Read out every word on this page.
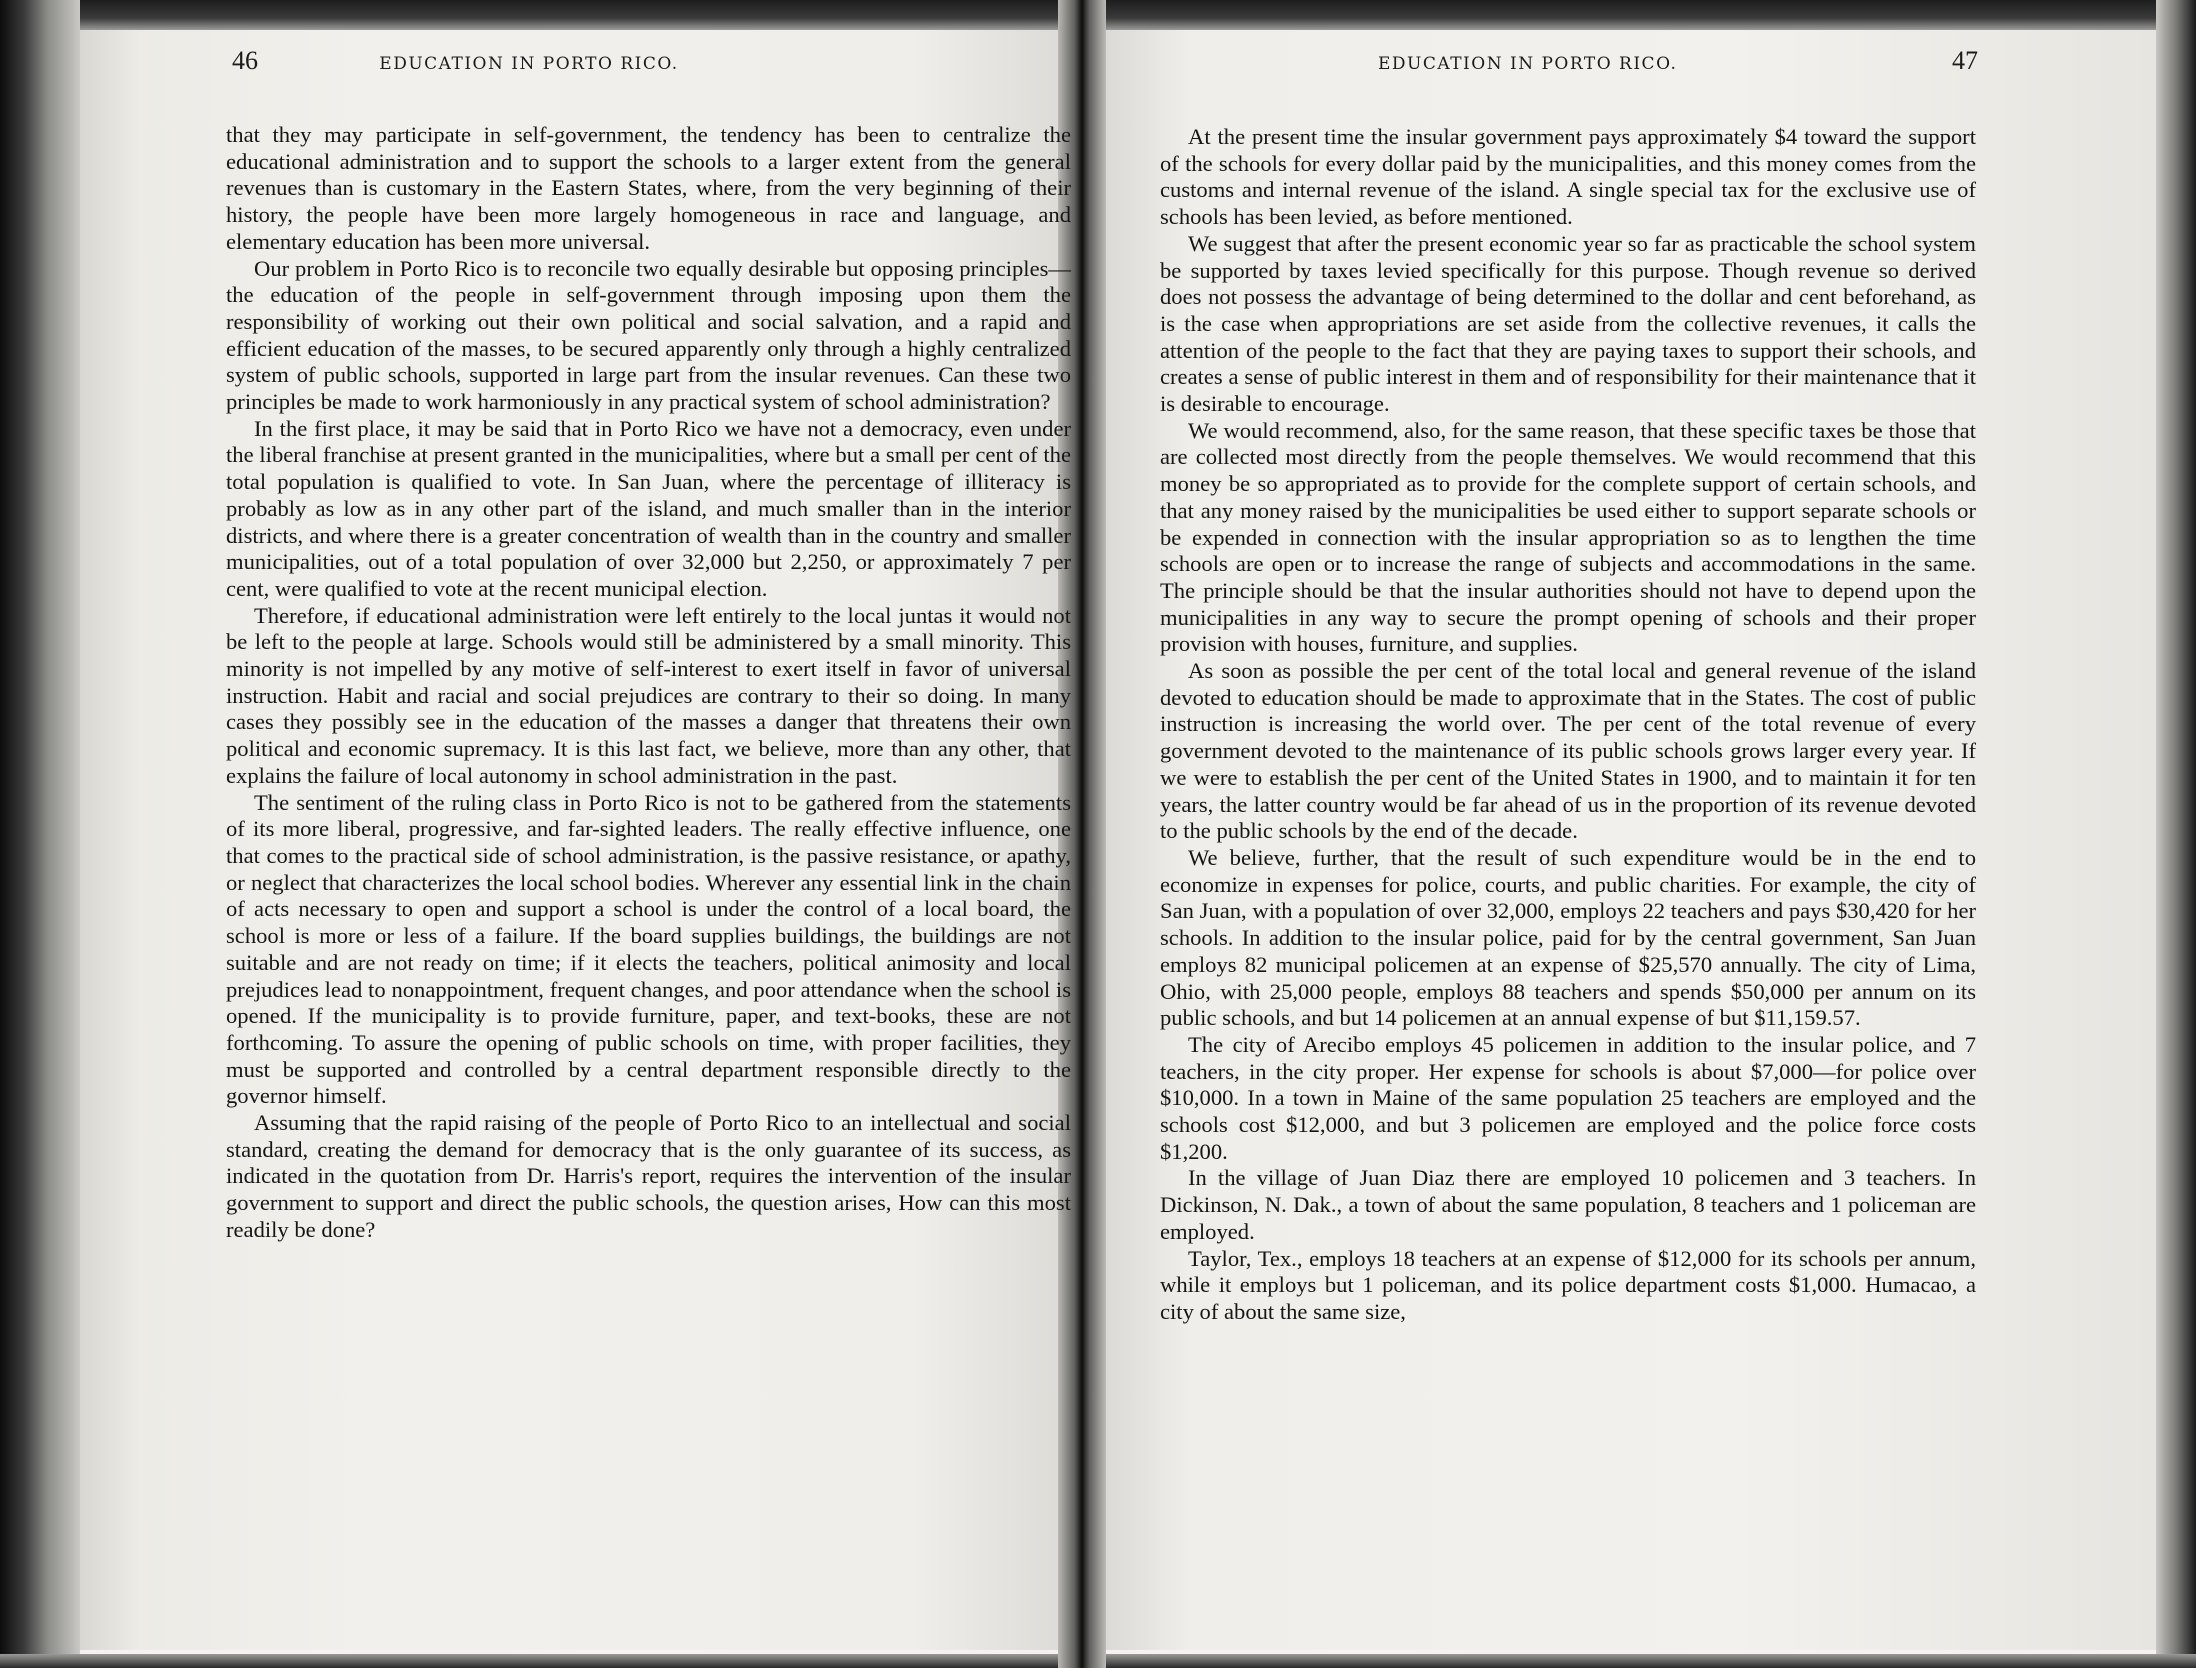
46	EDUCATION IN PORTO RICO.	EDUCATION IN PORTO RICO.	47

that they may participate in self-government, the tendency has been to centralize the educational administration and to support the schools to a larger extent from the general revenues than is customary in the Eastern States, where, from the very beginning of their history, the people have been more largely homogeneous in race and language, and elementary education has been more universal.

Our problem in Porto Rico is to reconcile two equally desirable but opposing principles—the education of the people in self-government through imposing upon them the responsibility of working out their own political and social salvation, and a rapid and efficient education of the masses, to be secured apparently only through a highly centralized system of public schools, supported in large part from the insular revenues. Can these two principles be made to work harmoniously in any practical system of school administration?

In the first place, it may be said that in Porto Rico we have not a democracy, even under the liberal franchise at present granted in the municipalities, where but a small per cent of the total population is qualified to vote. In San Juan, where the percentage of illiteracy is probably as low as in any other part of the island, and much smaller than in the interior districts, and where there is a greater concentration of wealth than in the country and smaller municipalities, out of a total population of over 32,000 but 2,250, or approximately 7 per cent, were qualified to vote at the recent municipal election.

Therefore, if educational administration were left entirely to the local juntas it would not be left to the people at large. Schools would still be administered by a small minority. This minority is not impelled by any motive of self-interest to exert itself in favor of universal instruction. Habit and racial and social prejudices are contrary to their so doing. In many cases they possibly see in the education of the masses a danger that threatens their own political and economic supremacy. It is this last fact, we believe, more than any other, that explains the failure of local autonomy in school administration in the past.

The sentiment of the ruling class in Porto Rico is not to be gathered from the statements of its more liberal, progressive, and far-sighted leaders. The really effective influence, one that comes to the practical side of school administration, is the passive resistance, or apathy, or neglect that characterizes the local school bodies. Wherever any essential link in the chain of acts necessary to open and support a school is under the control of a local board, the school is more or less of a failure. If the board supplies buildings, the buildings are not suitable and are not ready on time; if it elects the teachers, political animosity and local prejudices lead to nonappointment, frequent changes, and poor attendance when the school is opened. If the municipality is to provide furniture, paper, and text-books, these are not forthcoming. To assure the opening of public schools on time, with proper facilities, they must be supported and controlled by a central department responsible directly to the governor himself.

Assuming that the rapid raising of the people of Porto Rico to an intellectual and social standard, creating the demand for democracy that is the only guarantee of its success, as indicated in the quotation from Dr. Harris's report, requires the intervention of the insular government to support and direct the public schools, the question arises, How can this most readily be done?

At the present time the insular government pays approximately $4 toward the support of the schools for every dollar paid by the municipalities, and this money comes from the customs and internal revenue of the island. A single special tax for the exclusive use of schools has been levied, as before mentioned.

We suggest that after the present economic year so far as practicable the school system be supported by taxes levied specifically for this purpose. Though revenue so derived does not possess the advantage of being determined to the dollar and cent beforehand, as is the case when appropriations are set aside from the collective revenues, it calls the attention of the people to the fact that they are paying taxes to support their schools, and creates a sense of public interest in them and of responsibility for their maintenance that it is desirable to encourage.

We would recommend, also, for the same reason, that these specific taxes be those that are collected most directly from the people themselves. We would recommend that this money be so appropriated as to provide for the complete support of certain schools, and that any money raised by the municipalities be used either to support separate schools or be expended in connection with the insular appropriation so as to lengthen the time schools are open or to increase the range of subjects and accommodations in the same. The principle should be that the insular authorities should not have to depend upon the municipalities in any way to secure the prompt opening of schools and their proper provision with houses, furniture, and supplies.

As soon as possible the per cent of the total local and general revenue of the island devoted to education should be made to approximate that in the States. The cost of public instruction is increasing the world over. The per cent of the total revenue of every government devoted to the maintenance of its public schools grows larger every year. If we were to establish the per cent of the United States in 1900, and to maintain it for ten years, the latter country would be far ahead of us in the proportion of its revenue devoted to the public schools by the end of the decade.

We believe, further, that the result of such expenditure would be in the end to economize in expenses for police, courts, and public charities. For example, the city of San Juan, with a population of over 32,000, employs 22 teachers and pays $30,420 for her schools. In addition to the insular police, paid for by the central government, San Juan employs 82 municipal policemen at an expense of $25,570 annually. The city of Lima, Ohio, with 25,000 people, employs 88 teachers and spends $50,000 per annum on its public schools, and but 14 policemen at an annual expense of but $11,159.57.

The city of Arecibo employs 45 policemen in addition to the insular police, and 7 teachers, in the city proper. Her expense for schools is about $7,000—for police over $10,000. In a town in Maine of the same population 25 teachers are employed and the schools cost $12,000, and but 3 policemen are employed and the police force costs $1,200.

In the village of Juan Diaz there are employed 10 policemen and 3 teachers. In Dickinson, N. Dak., a town of about the same population, 8 teachers and 1 policeman are employed.

Taylor, Tex., employs 18 teachers at an expense of $12,000 for its schools per annum, while it employs but 1 policeman, and its police department costs $1,000. Humacao, a city of about the same size,
